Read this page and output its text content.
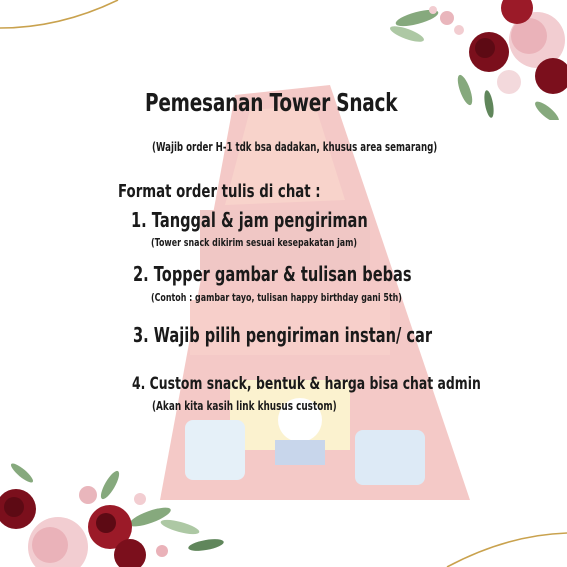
Pemesanan Tower Snack
(Wajib order H-1 tdk bsa dadakan, khusus area semarang)
Format order tulis di chat :
1. Tanggal & jam pengiriman
(Tower snack dikirim sesuai kesepakatan jam)
2. Topper gambar & tulisan bebas
(Contoh : gambar tayo, tulisan happy birthday gani 5th)
3. Wajib pilih pengiriman instan/ car
4. Custom snack, bentuk & harga bisa chat admin
(Akan kita kasih link khusus custom)
